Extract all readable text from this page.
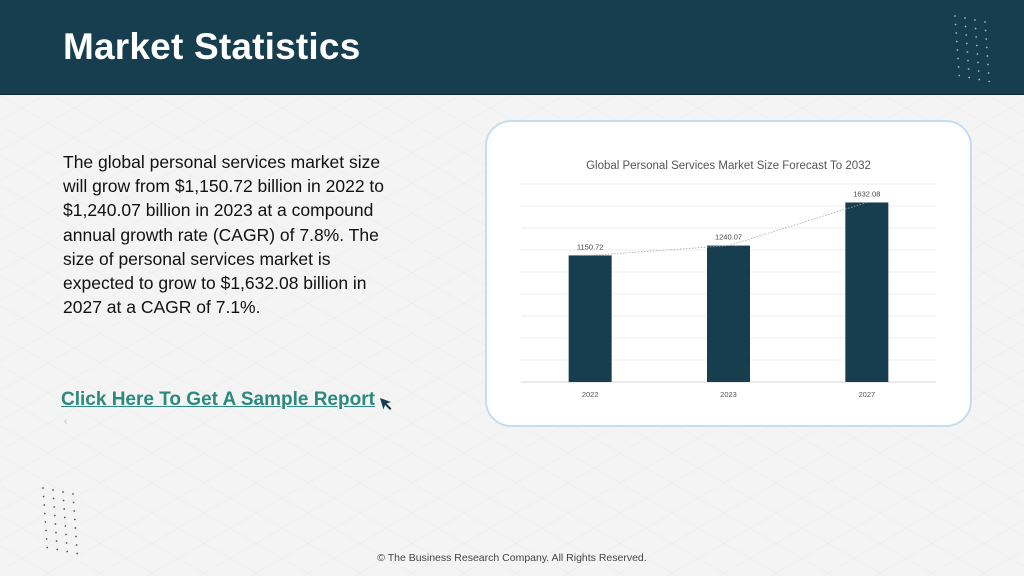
Market Statistics

The global personal services market size will grow from $1,150.72 billion in 2022 to $1,240.07 billion in 2023 at a compound annual growth rate (CAGR) of 7.8%. The size of personal services market is expected to grow to $1,632.08 billion in 2027 at a CAGR of 7.1%.

Click Here To Get A Sample Report
‹
Global Personal Services Market Size Forecast To 2032
1150.72
2022
1240.07
2023
1632.08
2027
© The Business Research Company. All Rights Reserved.
